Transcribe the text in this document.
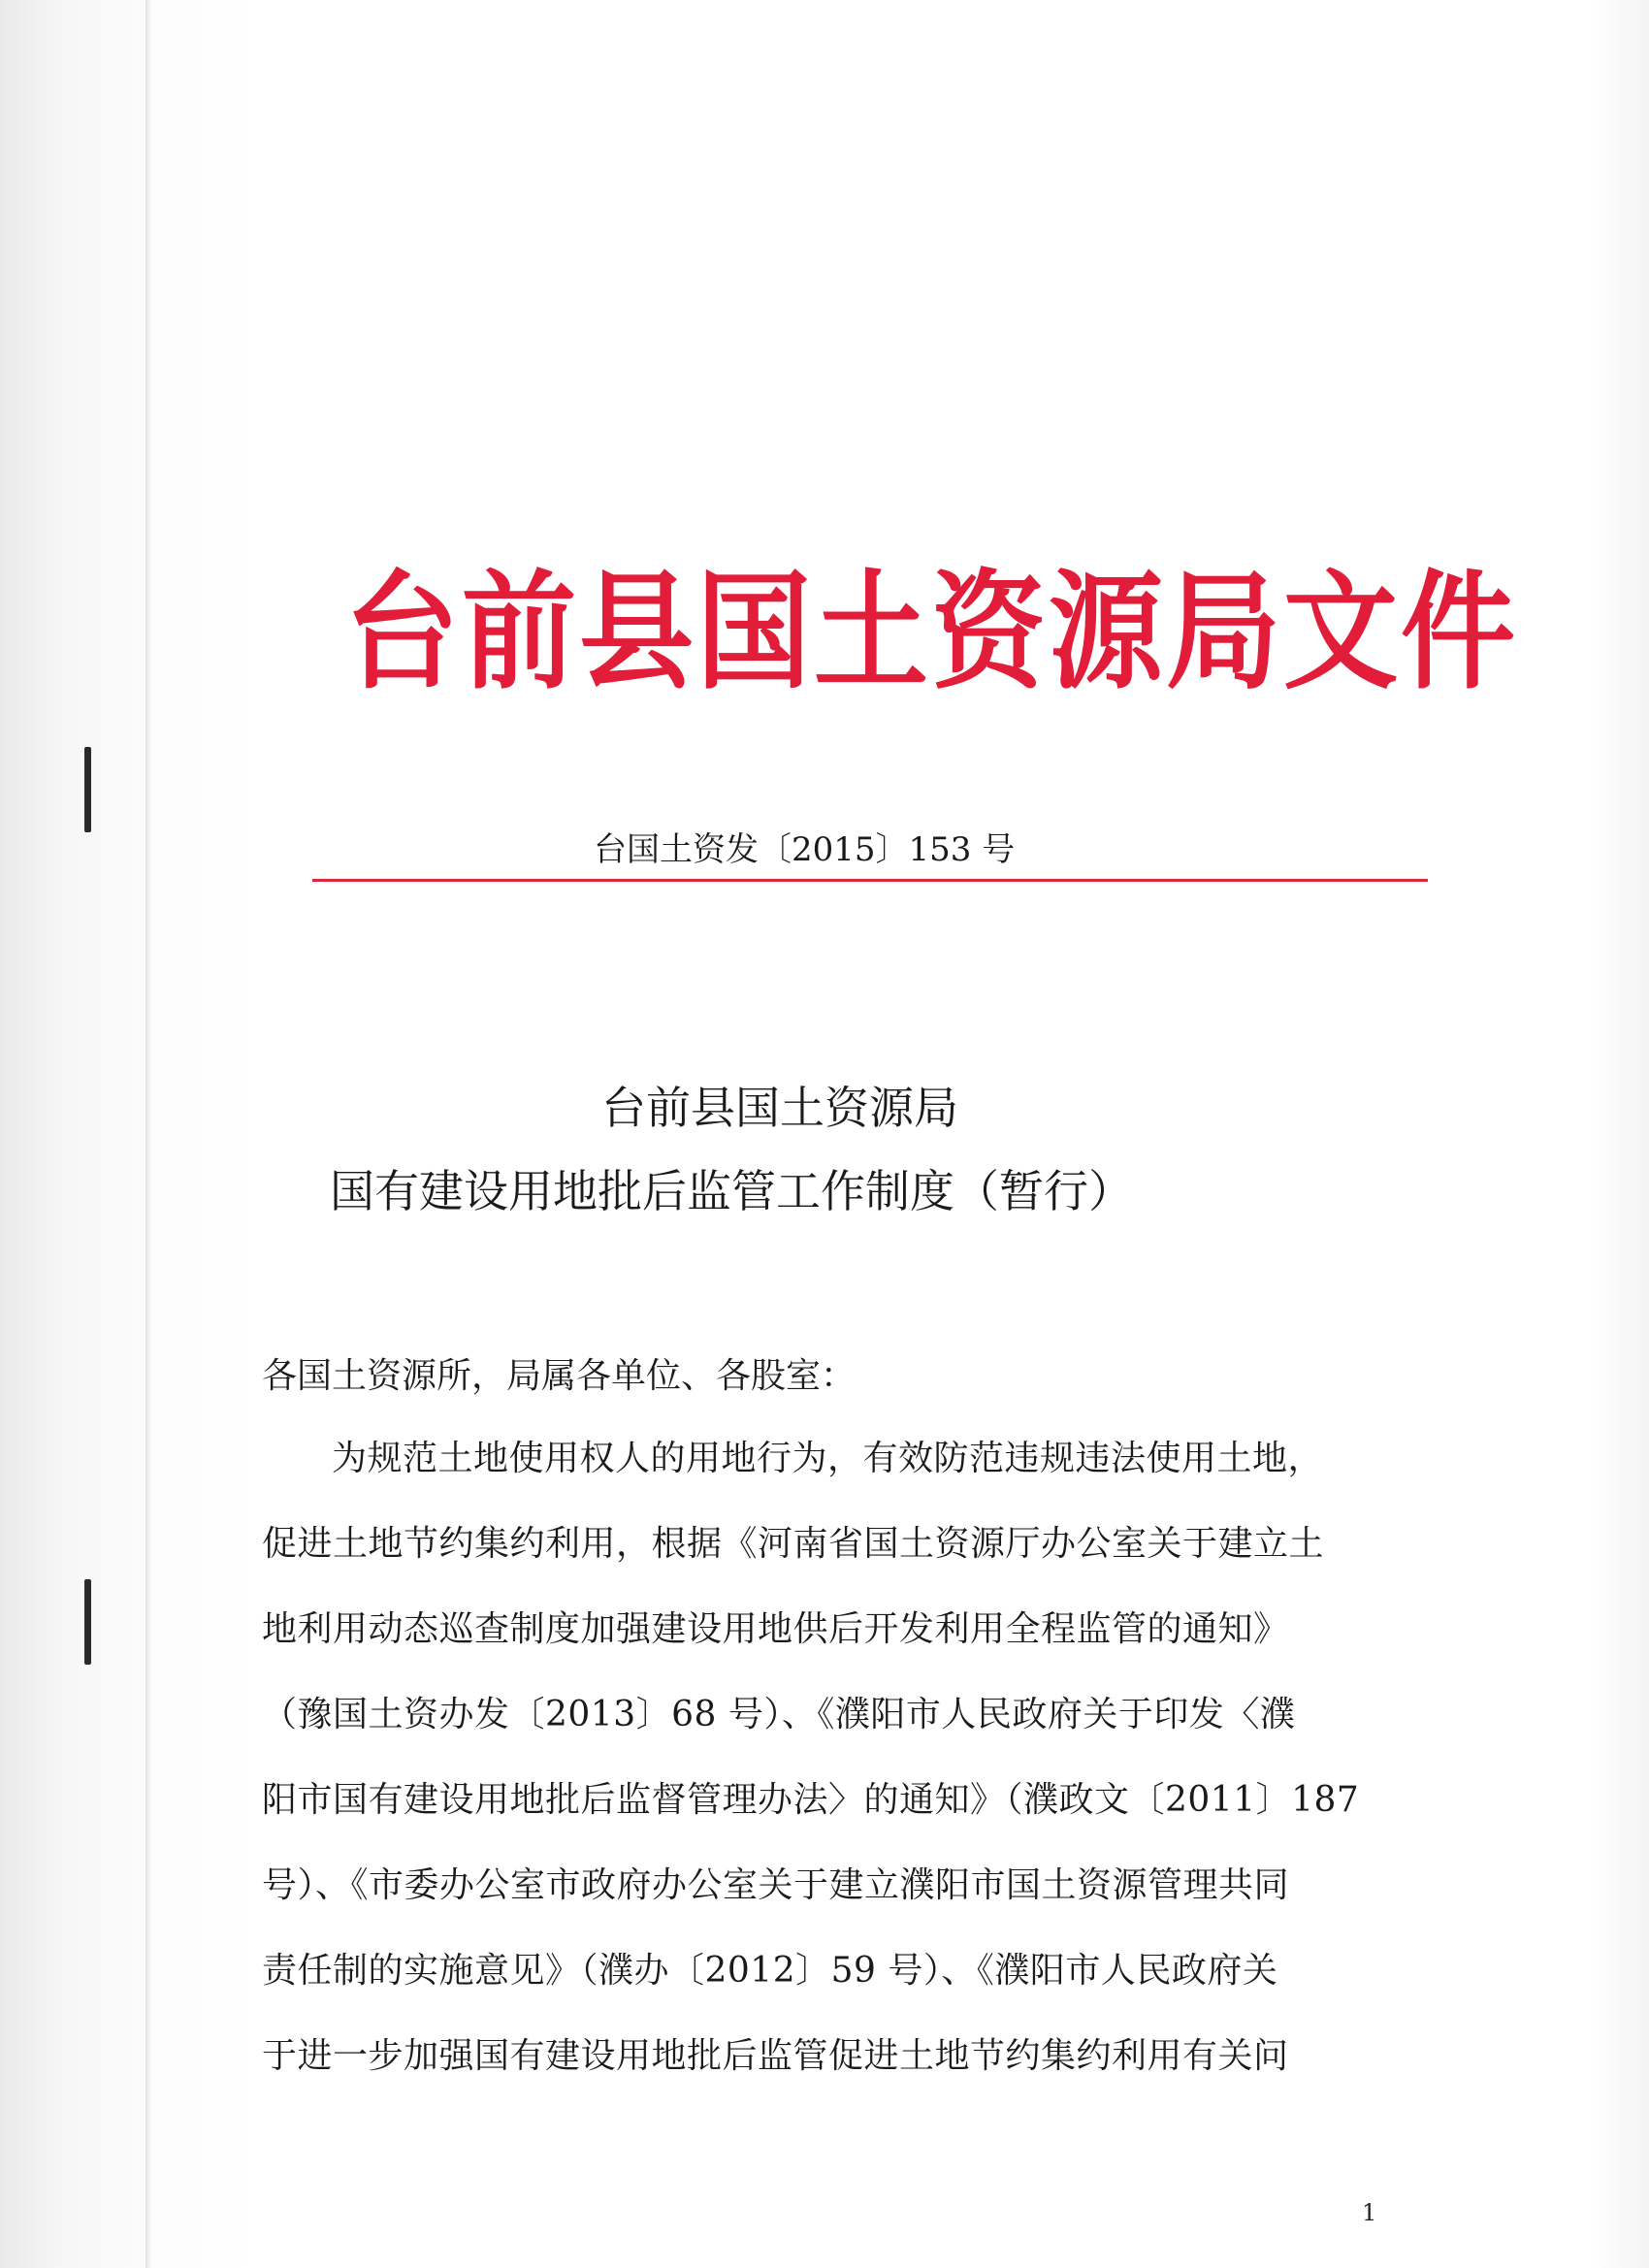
台前县国土资源局文件
台国土资发〔2015〕153 号
台前县国土资源局
国有建设用地批后监管工作制度（暂行）
各国土资源所，局属各单位、各股室：
为规范土地使用权人的用地行为，有效防范违规违法使用土地，
促进土地节约集约利用，根据《河南省国土资源厅办公室关于建立土
地利用动态巡查制度加强建设用地供后开发利用全程监管的通知》
（豫国土资办发〔2013〕68 号）、《濮阳市人民政府关于印发〈濮
阳市国有建设用地批后监督管理办法〉的通知》（濮政文〔2011〕187
号）、《市委办公室市政府办公室关于建立濮阳市国土资源管理共同
责任制的实施意见》（濮办〔2012〕59 号）、《濮阳市人民政府关
于进一步加强国有建设用地批后监管促进土地节约集约利用有关问
1
